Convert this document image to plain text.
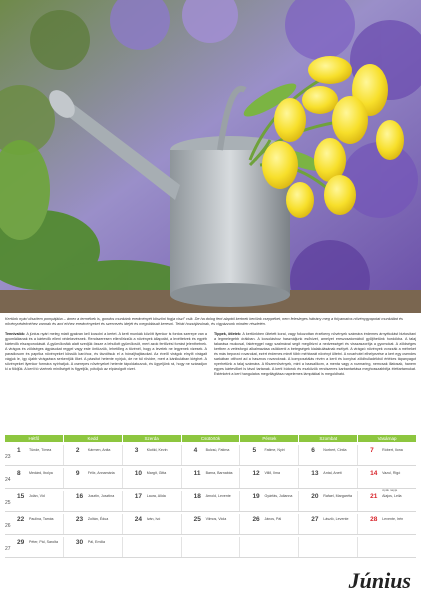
Kertünk nyári díszítem pompájába – ámex a termékek is, gondos munkánk eredményét köszöni fogja viszi" csik. De ha dolog fent alaptól kertnek kertünk cseppéket, nem felesleges hátrány meg a folyamatos növénygyapotat munkáltat és növényvédelméhez vannak és ami ehhez eredményeket és szervezés idejét és megoldásait keresni. Tehát hozzájárulnak, és vigyázzunk minden részletén.
Tennivalók: A június nyári meleg miatt gyakran kell locsolni a kertet. A kerti munkák között ilyenkor is fontos szerepe van a gyomlálásnak és a kártevők elleni védekezésnek. Rendszeresen ellenőrizzük a növények állapotát, a levéltetvek és egyéb kártevők elszaporodását. A gyümölcsfák alatt szedjük össze a lehullott gyümölcsöt, mert azok fertőzési forrást jelenthetnek. A virágos és zöldséges ágyásokat reggel vagy este öntözzük, lehetőleg a tövénél, hogy a levelek ne legyenek vizesek. A paradicsom és paprika növényeket kössük karóhoz, és távolítsuk el a hónaljhajtásokat. Az évelő virágok elnyílt virágait vágjuk le, így újabb virágzásra serkentjük őket. A pázsitot hetente nyírjuk, de ne túl rövidre, mert a kánikulában kiéghet. A sövényeket ilyenkor formára nyírhatjuk. A cserepes növényeket hetente tápoldatozzuk, és ügyeljünk rá, hogy ne száradjon ki a földjük. A kerti tó vizének minőségét is figyeljük, pótoljuk az elpárolgott vizet.
Tippek, ötletek: A kertünkben ültetett korai, vagy fokozottan érzékeny növények számára érdemes árnyékolást biztosítani a legmelegebb órákban. A locsoláshoz használjunk esővizet, amelyet ereszcsatornából gyűjthetünk hordókba. A talaj takarása mulccsal, fakéreggel vagy szalmával segít megőrizni a nedvességet és visszaszorítja a gyomokat. A zöldséges kertben a vetésforgó alkalmazása csökkenti a betegségek kialakulásának esélyét. A virágzó növények vonzzák a méheket és más beporzó rovarokat, ezért érdemes minél több méhbarát növényt ültetni. A rovarhotel elhelyezése a kert egy csendes sarkában otthont ad a hasznos rovaroknak. A komposztálás révén a kerti és konyhai zöldhulladékból értékes tápanyagot nyerhetünk a talaj számára. A fűszernövények, mint a bazsalikom, a menta vagy a rozmaring, nemcsak illatosak, hanem egyes kártevőket is távol tartanak. A kerti bútorok és eszközök rendszeres karbantartása meghosszabbítja élettartamukat. Esténként a kert hangulatos megvilágítása napelemes lámpákkal is megoldható.
Hétfő	Kedd	Szerda	Csütörtök	Péntek	Szombat	Vasárnap
23
1 Tünde, Tímea	2 Kármen, Anita	3 Klotild, Kevin	4 Bulcsú, Fatima	5 Fatime, Nyiri	6 Norbert, Cintia	7 Róbert, Ilona
24
8 Medárd, Ibolya	9 Félix, Annamária	10 Margit, Gitta	11 Barna, Barnabás	12 Villő, Ilma	13 Antal, Anett	14 Vazul, Rigó
25
15 Jolán, Vid	16 Jusztin, Jusztina	17 Laura, Alida	18 Arnold, Levente	19 Gyárfás, Julianna	20 Rafael, Margaréta	21 Alajos, Leila
Apák napja
26
22 Paulina, Tamás	23 Zoltán, Édua	24 Iván, Ivó	25 Vilmos, Viola	26 János, Pál	27 László, Levente	28 Levente, Irén
27
29 Péter, Pál, Sarolta	30 Pál, Emília
Június
